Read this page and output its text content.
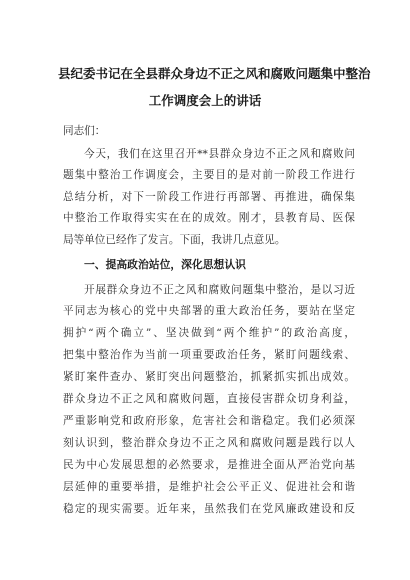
县纪委书记在全县群众身边不正之风和腐败问题集中整治
工作调度会上的讲话
同志们：
今天，我们在这里召开**县群众身边不正之风和腐败问
题集中整治工作调度会，主要目的是对前一阶段工作进行
总结分析，对下一阶段工作进行再部署、再推进，确保集
中整治工作取得实实在在的成效。刚才，县教育局、医保
局等单位已经作了发言。下面，我讲几点意见。
一、提高政治站位，深化思想认识
开展群众身边不正之风和腐败问题集中整治，是以习近
平同志为核心的党中央部署的重大政治任务，要站在坚定
拥护“两个确立”、坚决做到“两个维护”的政治高度，
把集中整治作为当前一项重要政治任务，紧盯问题线索、
紧盯案件查办、紧盯突出问题整治，抓紧抓实抓出成效。
群众身边不正之风和腐败问题，直接侵害群众切身利益，
严重影响党和政府形象，危害社会和谐稳定。我们必须深
刻认识到，整治群众身边不正之风和腐败问题是践行以人
民为中心发展思想的必然要求，是推进全面从严治党向基
层延伸的重要举措，是维护社会公平正义、促进社会和谐
稳定的现实需要。近年来，虽然我们在党风廉政建设和反
